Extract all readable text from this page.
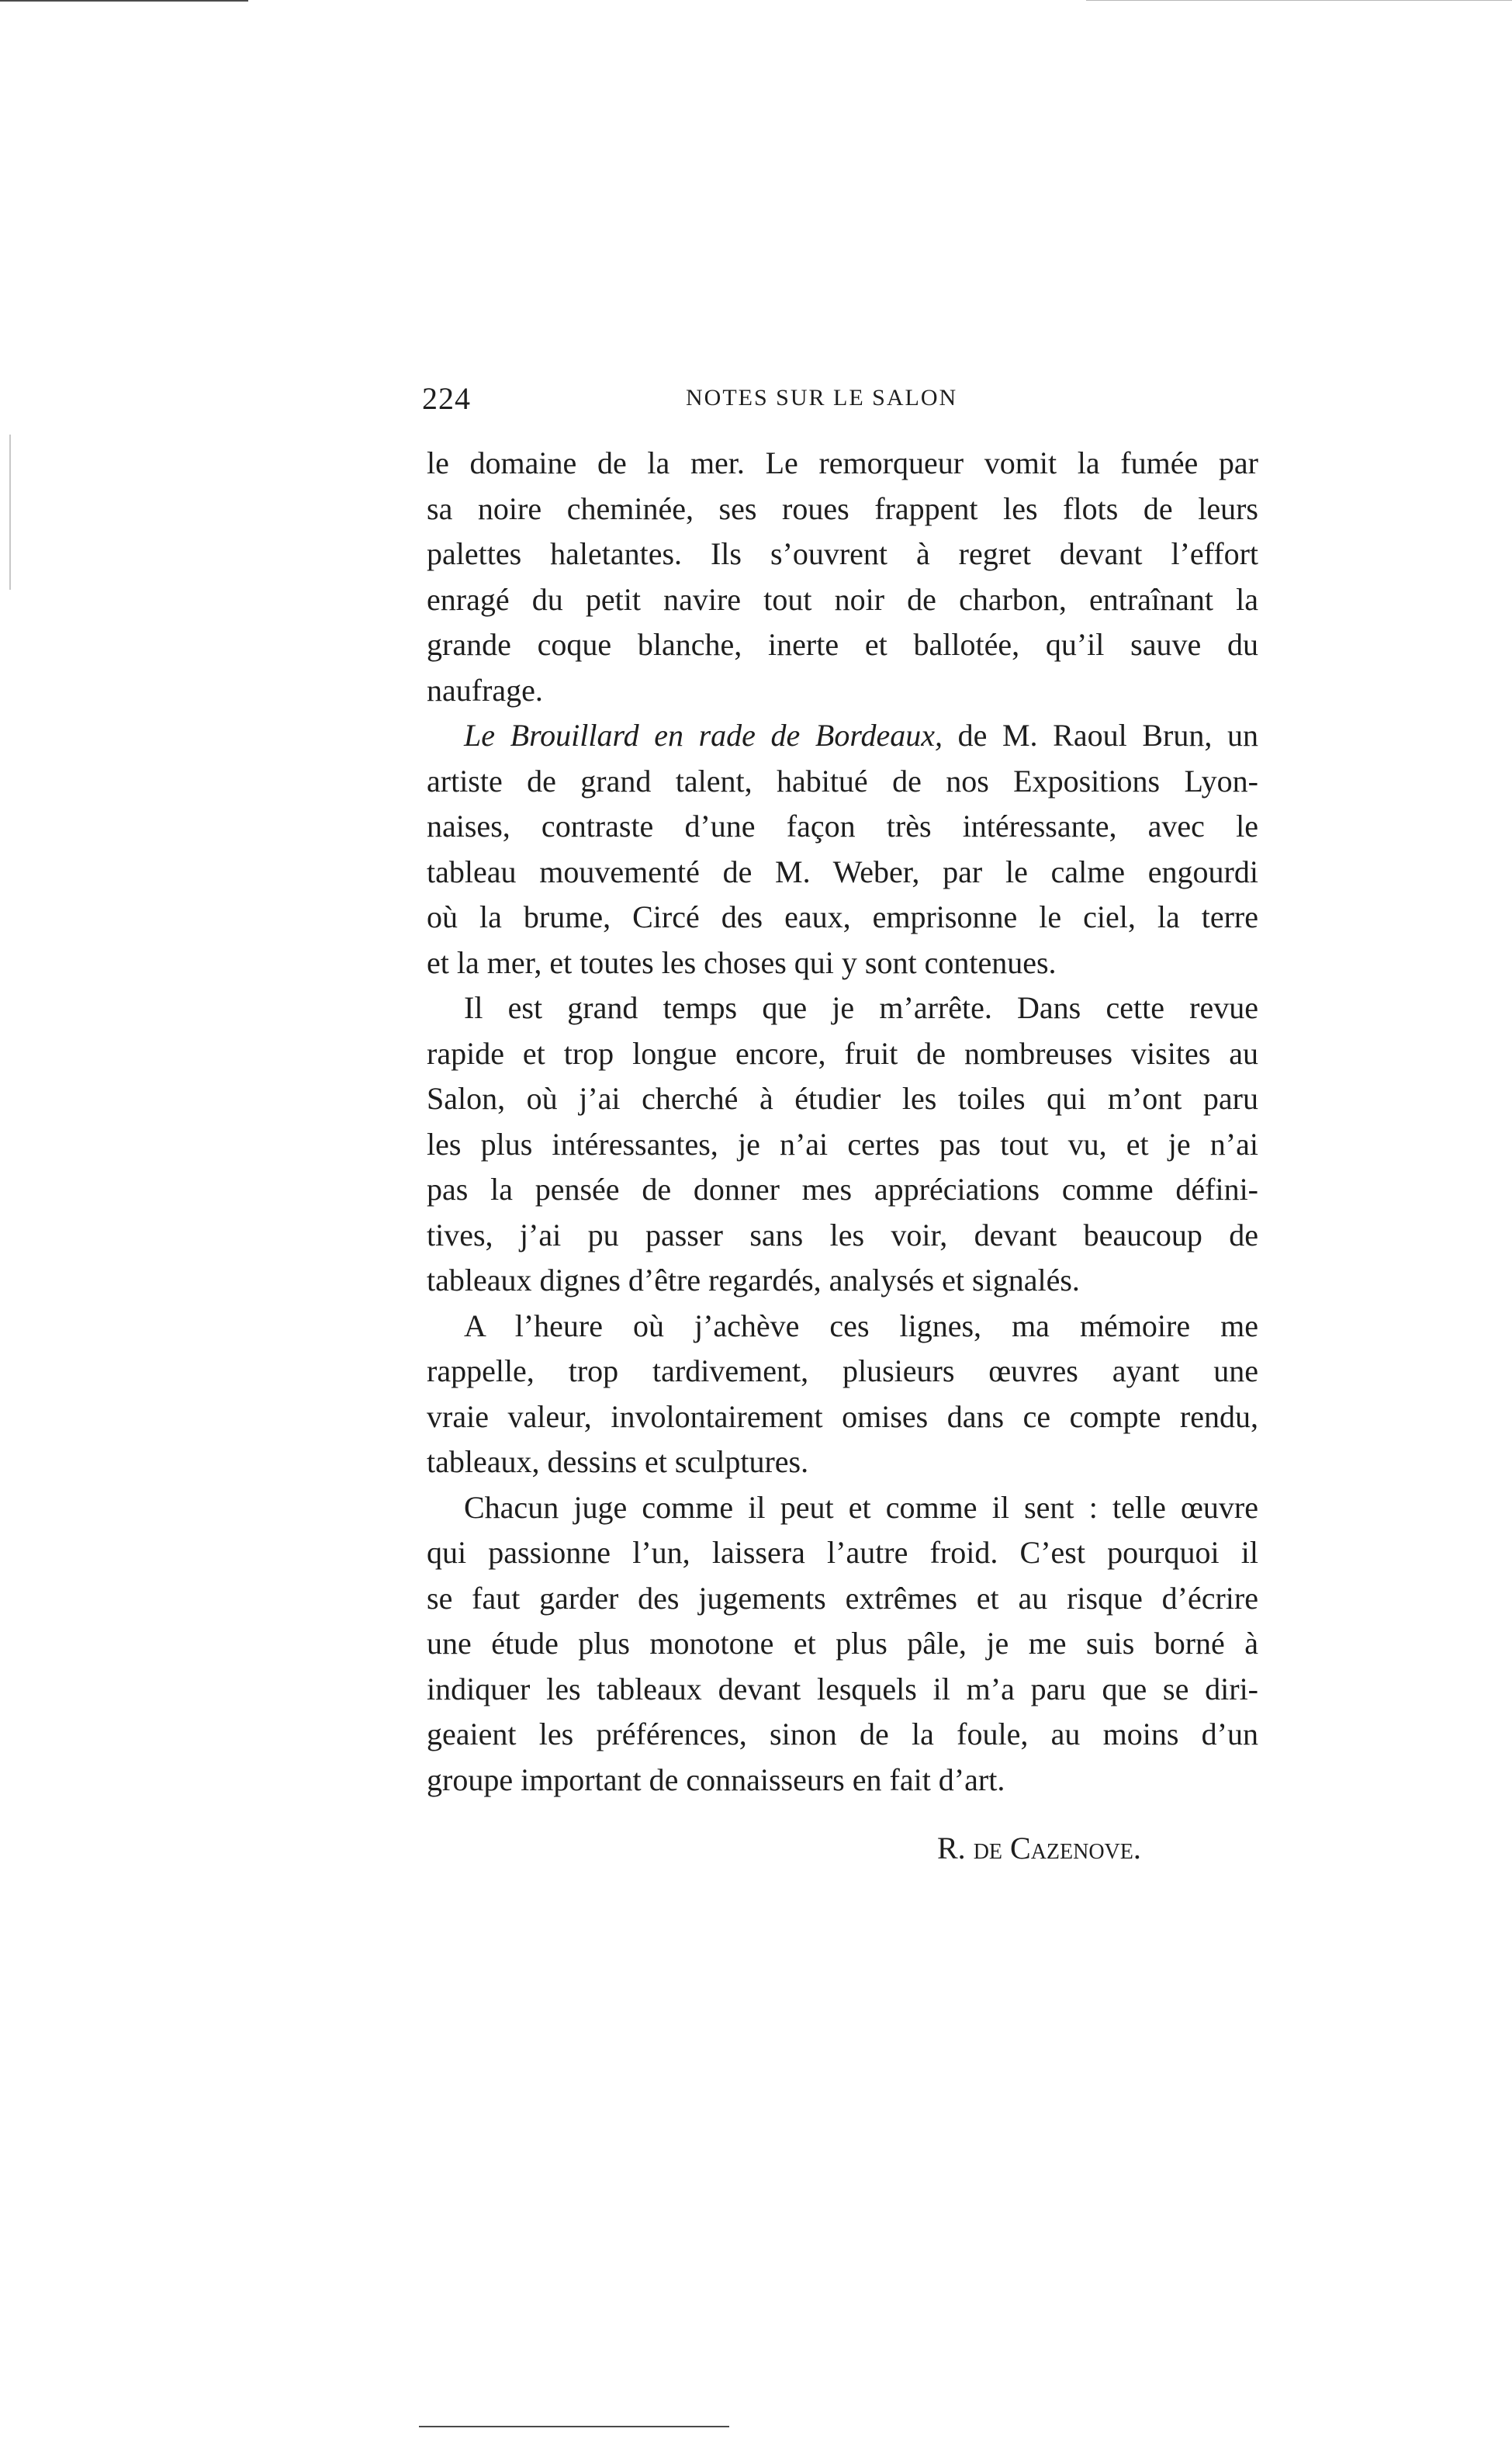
224	NOTES SUR LE SALON
le domaine de la mer. Le remorqueur vomit la fumée par
sa noire cheminée, ses roues frappent les flots de leurs
palettes haletantes. Ils s’ouvrent à regret devant l’effort
enragé du petit navire tout noir de charbon, entraînant la
grande coque blanche, inerte et ballotée, qu’il sauve du
naufrage.
Le Brouillard en rade de Bordeaux, de M. Raoul Brun, un
artiste de grand talent, habitué de nos Expositions Lyon-
naises, contraste d’une façon très intéressante, avec le
tableau mouvementé de M. Weber, par le calme engourdi
où la brume, Circé des eaux, emprisonne le ciel, la terre
et la mer, et toutes les choses qui y sont contenues.
Il est grand temps que je m’arrête. Dans cette revue
rapide et trop longue encore, fruit de nombreuses visites au
Salon, où j’ai cherché à étudier les toiles qui m’ont paru
les plus intéressantes, je n’ai certes pas tout vu, et je n’ai
pas la pensée de donner mes appréciations comme défini-
tives, j’ai pu passer sans les voir, devant beaucoup de
tableaux dignes d’être regardés, analysés et signalés.
A l’heure où j’achève ces lignes, ma mémoire me
rappelle, trop tardivement, plusieurs œuvres ayant une
vraie valeur, involontairement omises dans ce compte rendu,
tableaux, dessins et sculptures.
Chacun juge comme il peut et comme il sent : telle œuvre
qui passionne l’un, laissera l’autre froid. C’est pourquoi il
se faut garder des jugements extrêmes et au risque d’écrire
une étude plus monotone et plus pâle, je me suis borné à
indiquer les tableaux devant lesquels il m’a paru que se diri-
geaient les préférences, sinon de la foule, au moins d’un
groupe important de connaisseurs en fait d’art.
R. de Cazenove.
